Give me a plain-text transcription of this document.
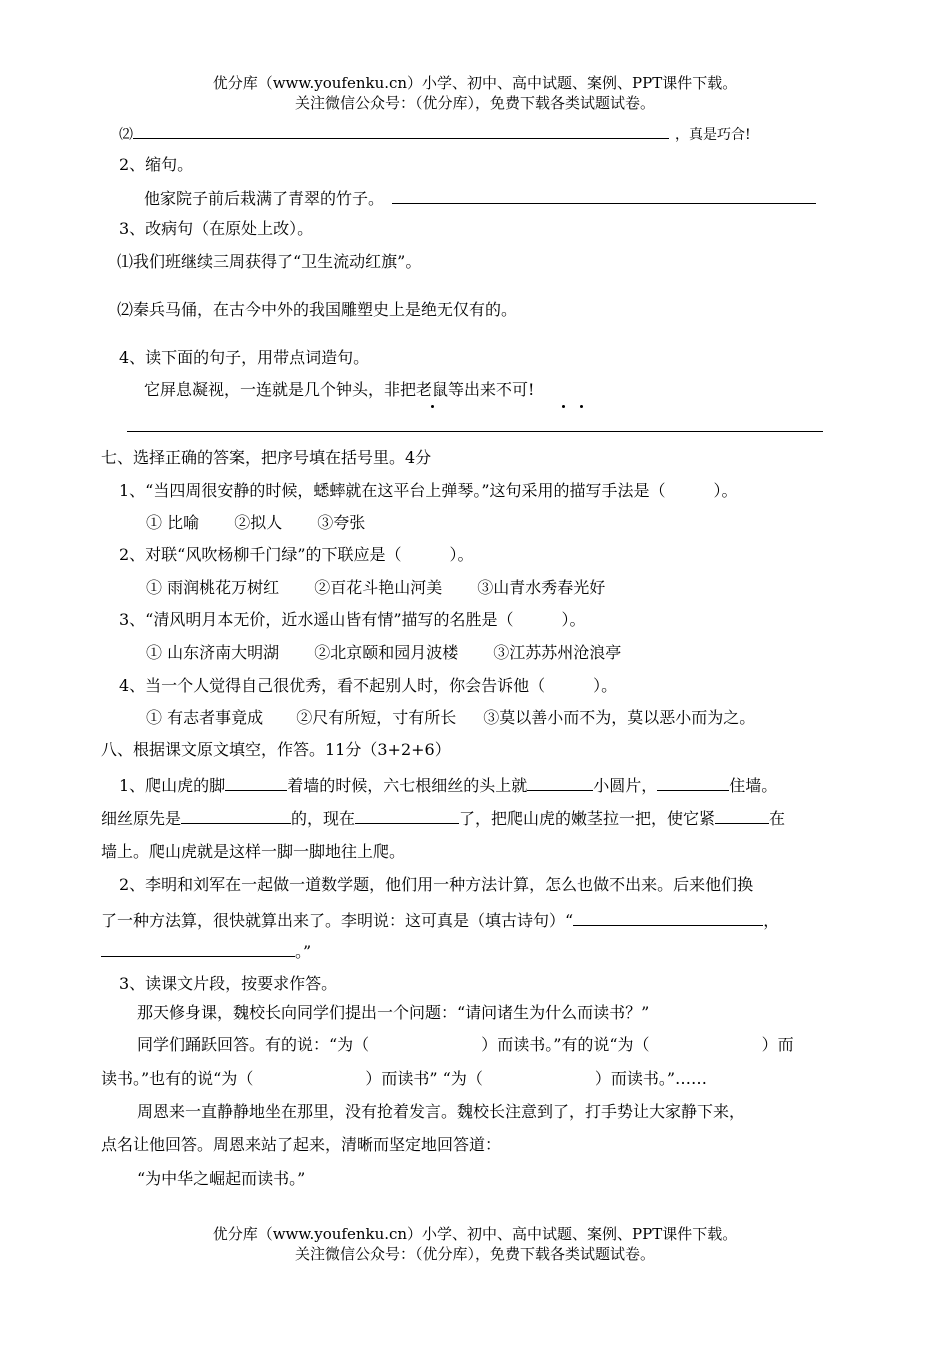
优分库（www.youfenku.cn）小学、初中、高中试题、案例、PPT课件下载。
关注微信公众号：（优分库），免费下载各类试题试卷。
⑵	，真是巧合!
2、缩句。
他家院子前后栽满了青翠的竹子。
3、改病句（在原处上改）。
⑴我们班继续三周获得了“卫生流动红旗”。
⑵秦兵马俑，在古今中外的我国雕塑史上是绝无仅有的。
4、读下面的句子，用带点词造句。
它屏息凝视，一连就是几个钟头，非把老鼠等出来不可!
七、选择正确的答案，把序号填在括号里。4分
1、“当四周很安静的时候，蟋蟀就在这平台上弹琴。”这句采用的描写手法是（　　　）。
① 比喻 ②拟人 ③夸张
2、对联“风吹杨柳千门绿”的下联应是（　　　）。
① 雨润桃花万树红 ②百花斗艳山河美 ③山青水秀春光好
3、“清风明月本无价，近水遥山皆有情”描写的名胜是（　　　）。
① 山东济南大明湖 ②北京颐和园月波楼 ③江苏苏州沧浪亭
4、当一个人觉得自己很优秀，看不起别人时，你会告诉他（　　　）。
① 有志者事竟成 ②尺有所短，寸有所长 ③莫以善小而不为，莫以恶小而为之。
八、根据课文原文填空，作答。11分（3+2+6）
1、爬山虎的脚	着墙的时候，六七根细丝的头上就	小圆片，	住墙。
细丝原先是	的，现在	了，把爬山虎的嫩茎拉一把，使它紧	在
墙上。爬山虎就是这样一脚一脚地往上爬。
2、李明和刘军在一起做一道数学题，他们用一种方法计算，怎么也做不出来。后来他们换
了一种方法算，很快就算出来了。李明说：这可真是（填古诗句）“	，
。”
3、读课文片段，按要求作答。
那天修身课，魏校长向同学们提出一个问题：“请问诸生为什么而读书？”
同学们踊跃回答。有的说：“为（	）而读书。”有的说“为（	）而
读书。”也有的说“为（	）而读书” “为（	）而读书。”……
周恩来一直静静地坐在那里，没有抢着发言。魏校长注意到了，打手势让大家静下来，
点名让他回答。周恩来站了起来，清晰而坚定地回答道：
“为中华之崛起而读书。”
优分库（www.youfenku.cn）小学、初中、高中试题、案例、PPT课件下载。
关注微信公众号：（优分库），免费下载各类试题试卷。
